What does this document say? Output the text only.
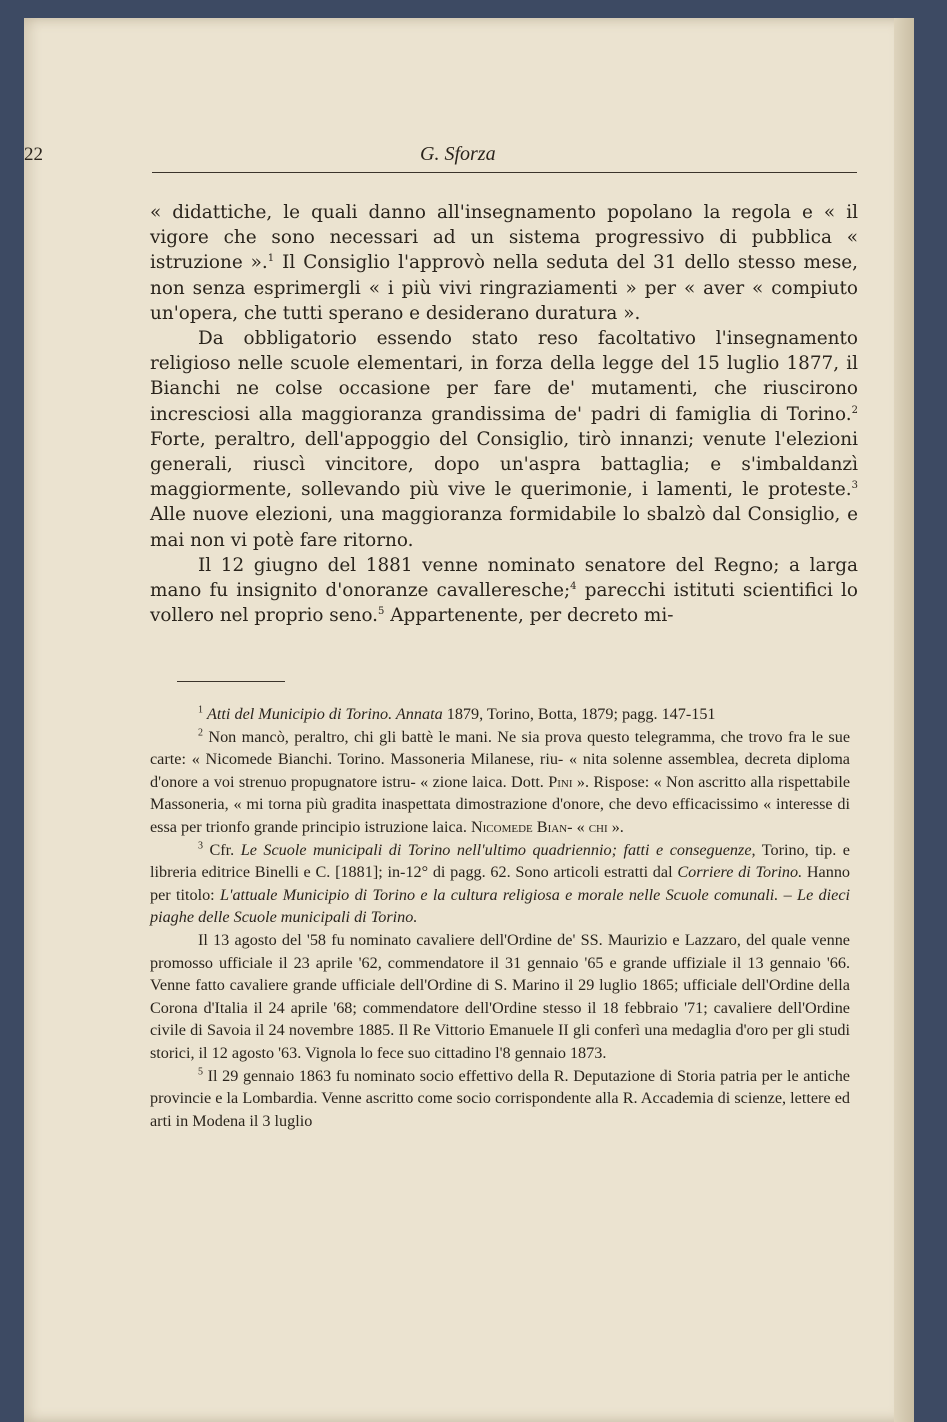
22	G. Sforza

« didattiche, le quali danno all'insegnamento popolano la regola e « il vigore che sono necessari ad un sistema progressivo di pubblica « istruzione ».$^1$ Il Consiglio l'approvò nella seduta del 31 dello stesso mese, non senza esprimergli « i più vivi ringraziamenti » per « aver « compiuto un'opera, che tutti sperano e desiderano duratura ».

Da obbligatorio essendo stato reso facoltativo l'insegnamento religioso nelle scuole elementari, in forza della legge del 15 luglio 1877, il Bianchi ne colse occasione per fare de' mutamenti, che riuscirono incresciosi alla maggioranza grandissima de' padri di famiglia di Torino.$^2$ Forte, peraltro, dell'appoggio del Consiglio, tirò innanzi; venute l'elezioni generali, riuscì vincitore, dopo un'aspra battaglia; e s'imbaldanzì maggiormente, sollevando più vive le querimonie, i lamenti, le proteste.$^3$ Alle nuove elezioni, una maggioranza formidabile lo sbalzò dal Consiglio, e mai non vi potè fare ritorno.

Il 12 giugno del 1881 venne nominato senatore del Regno; a larga mano fu insignito d'onoranze cavalleresche;$^4$ parecchi istituti scientifici lo vollero nel proprio seno.$^5$ Appartenente, per decreto mi-

$^1$ Atti del Municipio di Torino. Annata 1879, Torino, Botta, 1879; pagg. 147-151

$^2$ Non mancò, peraltro, chi gli battè le mani. Ne sia prova questo telegramma, che trovo fra le sue carte: « Nicomede Bianchi. Torino. Massoneria Milanese, riu- « nita solenne assemblea, decreta diploma d'onore a voi strenuo propugnatore istru- « zione laica. Dott. Pini ». Rispose: « Non ascritto alla rispettabile Massoneria, « mi torna più gradita inaspettata dimostrazione d'onore, che devo efficacissimo « interesse di essa per trionfo grande principio istruzione laica. Nicomede Bian- « chi ».

$^3$ Cfr. Le Scuole municipali di Torino nell'ultimo quadriennio; fatti e conseguenze, Torino, tip. e libreria editrice Binelli e C. [1881]; in-12° di pagg. 62. Sono articoli estratti dal Corriere di Torino. Hanno per titolo: L'attuale Municipio di Torino e la cultura religiosa e morale nelle Scuole comunali. – Le dieci piaghe delle Scuole municipali di Torino.

Il 13 agosto del '58 fu nominato cavaliere dell'Ordine de' SS. Maurizio e Lazzaro, del quale venne promosso ufficiale il 23 aprile '62, commendatore il 31 gennaio '65 e grande uffiziale il 13 gennaio '66. Venne fatto cavaliere grande ufficiale dell'Ordine di S. Marino il 29 luglio 1865; ufficiale dell'Ordine della Corona d'Italia il 24 aprile '68; commendatore dell'Ordine stesso il 18 febbraio '71; cavaliere dell'Ordine civile di Savoia il 24 novembre 1885. Il Re Vittorio Emanuele II gli conferì una medaglia d'oro per gli studi storici, il 12 agosto '63. Vignola lo fece suo cittadino l'8 gennaio 1873.

$^5$ Il 29 gennaio 1863 fu nominato socio effettivo della R. Deputazione di Storia patria per le antiche provincie e la Lombardia. Venne ascritto come socio corrispondente alla R. Accademia di scienze, lettere ed arti in Modena il 3 luglio
